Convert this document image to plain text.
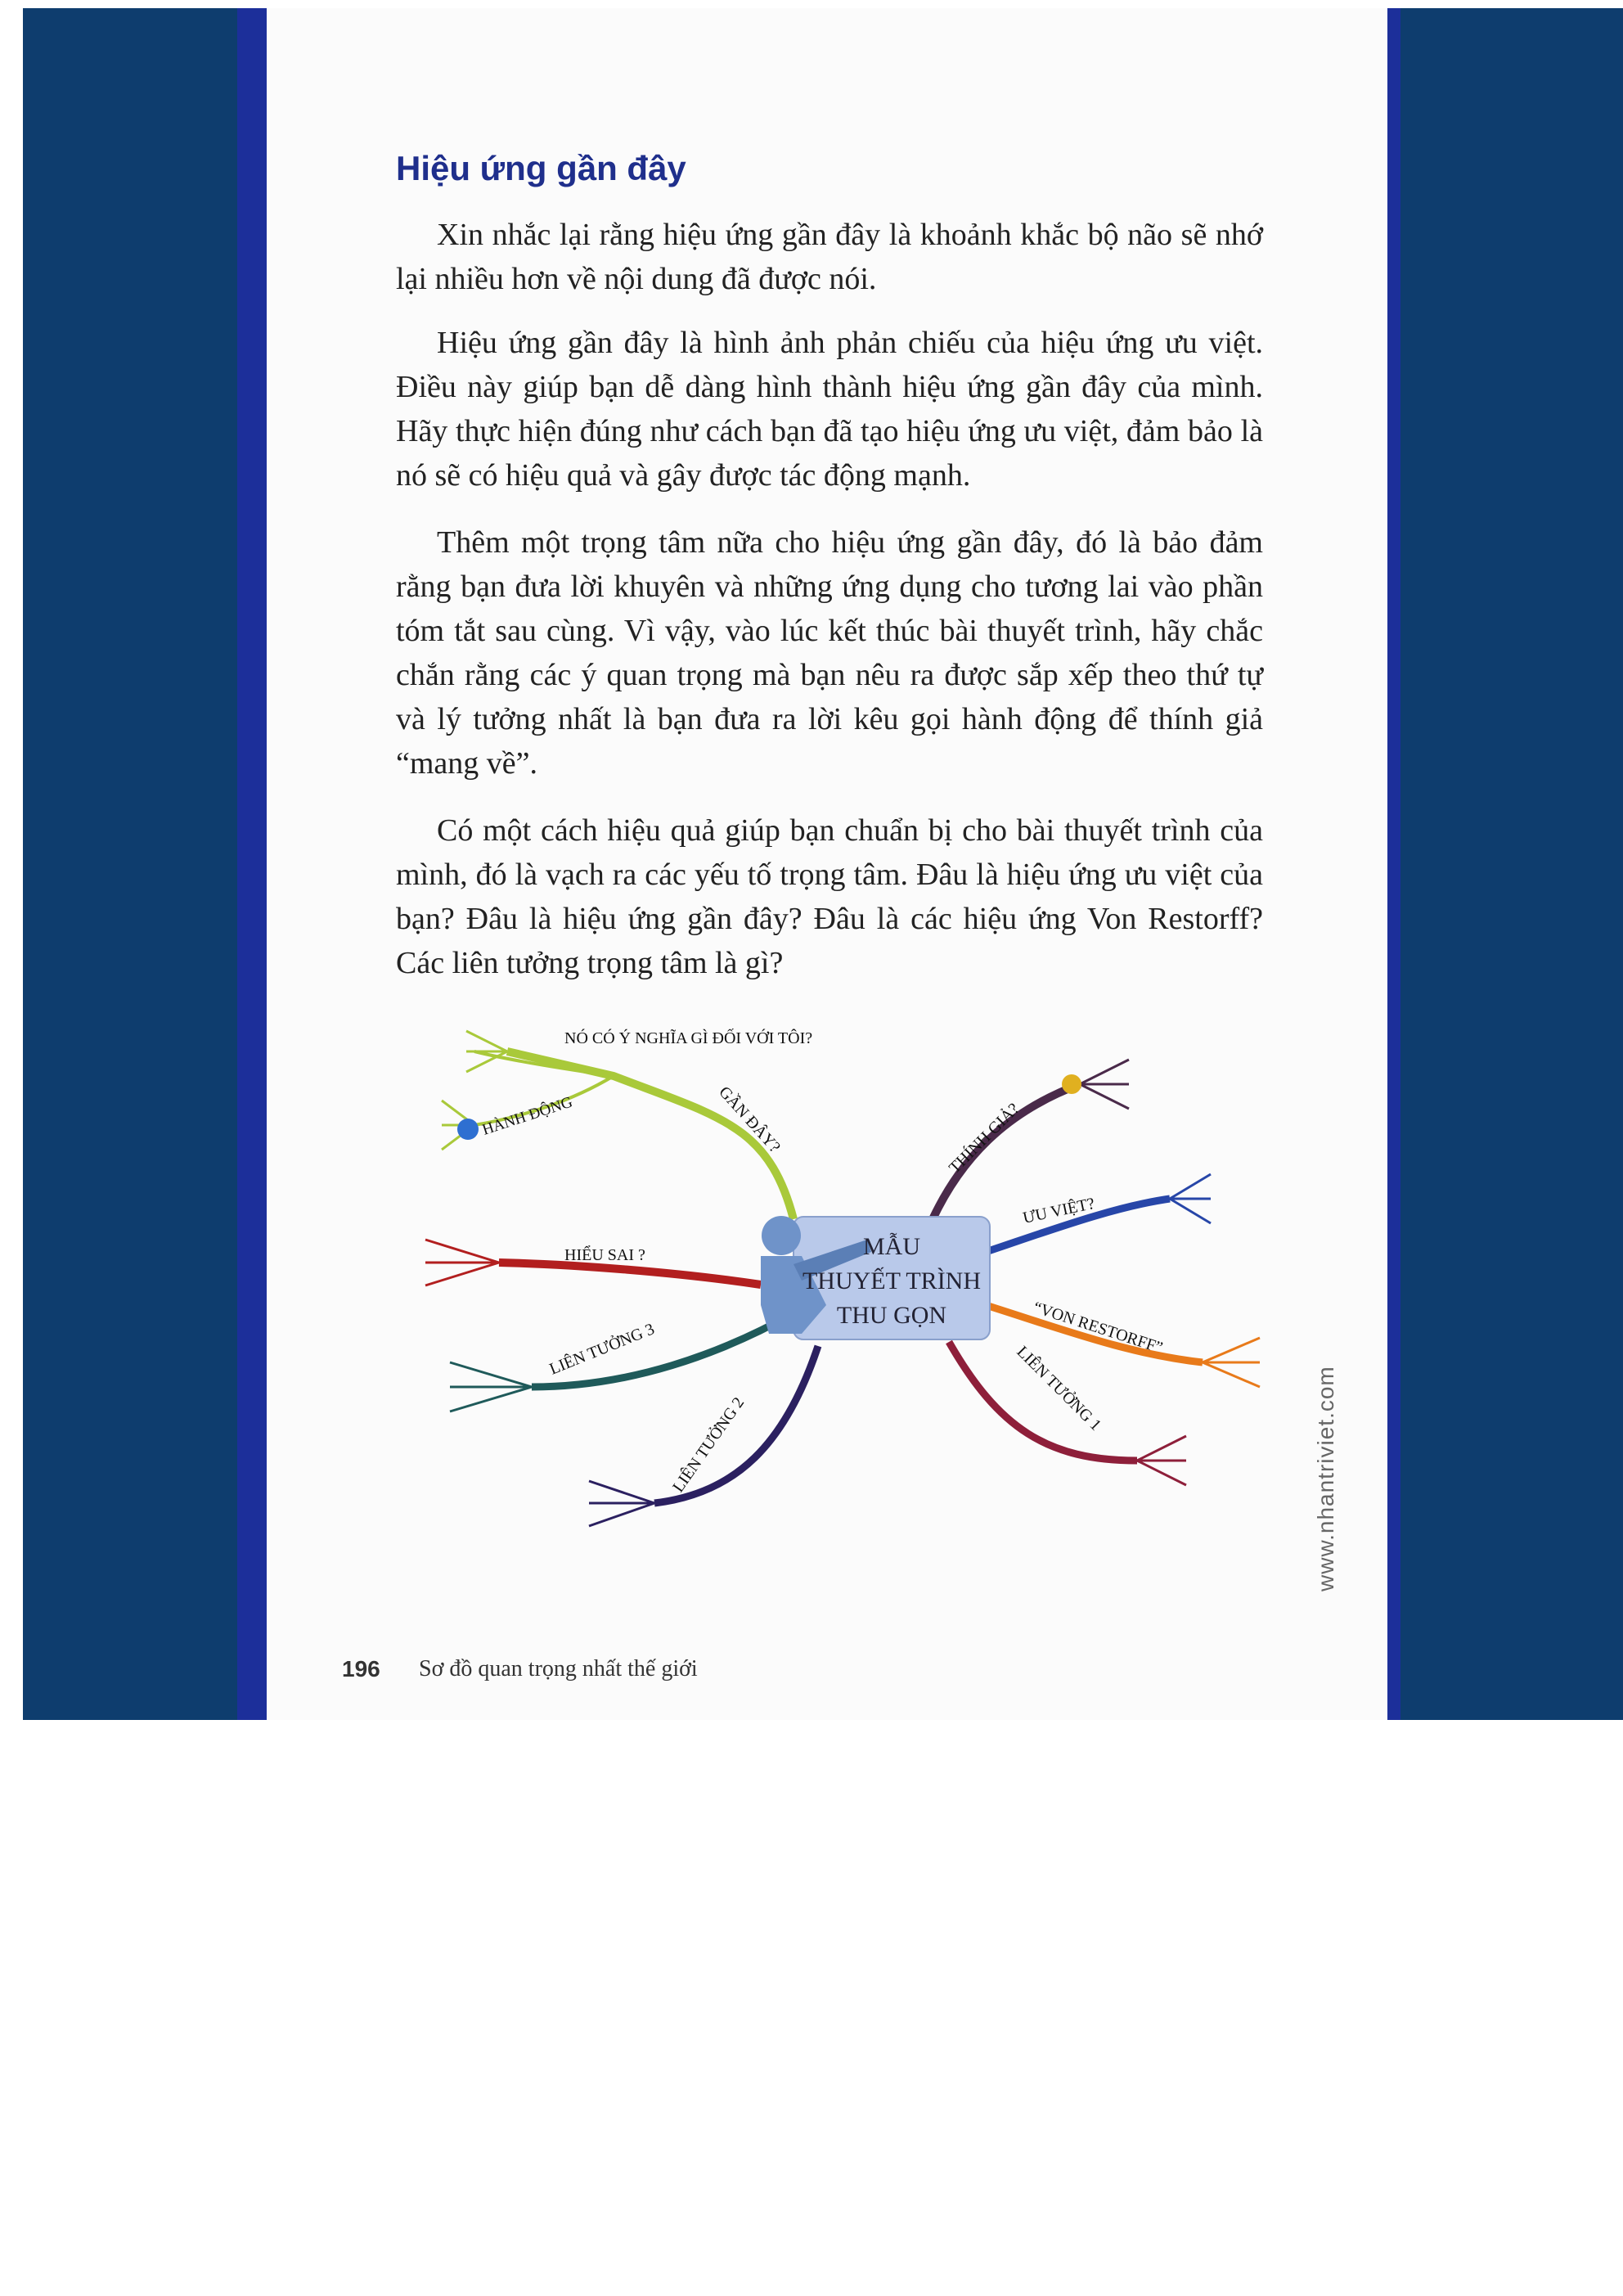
Hiệu ứng gần đây

Xin nhắc lại rằng hiệu ứng gần đây là khoảnh khắc bộ não sẽ nhớ lại nhiều hơn về nội dung đã được nói.

Hiệu ứng gần đây là hình ảnh phản chiếu của hiệu ứng ưu việt. Điều này giúp bạn dễ dàng hình thành hiệu ứng gần đây của mình. Hãy thực hiện đúng như cách bạn đã tạo hiệu ứng ưu việt, đảm bảo là nó sẽ có hiệu quả và gây được tác động mạnh.

Thêm một trọng tâm nữa cho hiệu ứng gần đây, đó là bảo đảm rằng bạn đưa lời khuyên và những ứng dụng cho tương lai vào phần tóm tắt sau cùng. Vì vậy, vào lúc kết thúc bài thuyết trình, hãy chắc chắn rằng các ý quan trọng mà bạn nêu ra được sắp xếp theo thứ tự và lý tưởng nhất là bạn đưa ra lời kêu gọi hành động để thính giả “mang về”.

Có một cách hiệu quả giúp bạn chuẩn bị cho bài thuyết trình của mình, đó là vạch ra các yếu tố trọng tâm. Đâu là hiệu ứng ưu việt của bạn? Đâu là hiệu ứng gần đây? Đâu là các hiệu ứng Von Restorff? Các liên tưởng trọng tâm là gì?

MẪU
THUYẾT TRÌNH
THU GỌN
NÓ CÓ Ý NGHĨA GÌ ĐỐI VỚI TÔI?
HÀNH ĐỘNG	GẦN ĐÂY?	THÍNH GIẢ?
ƯU VIỆT?
HIỂU SAI ?
LIÊN TƯỞNG 3	“VON RESTORFF”
LIÊN TƯỞNG 1
LIÊN TƯỞNG 2
196 Sơ đồ quan trọng nhất thế giới
www.nhantriviet.com
